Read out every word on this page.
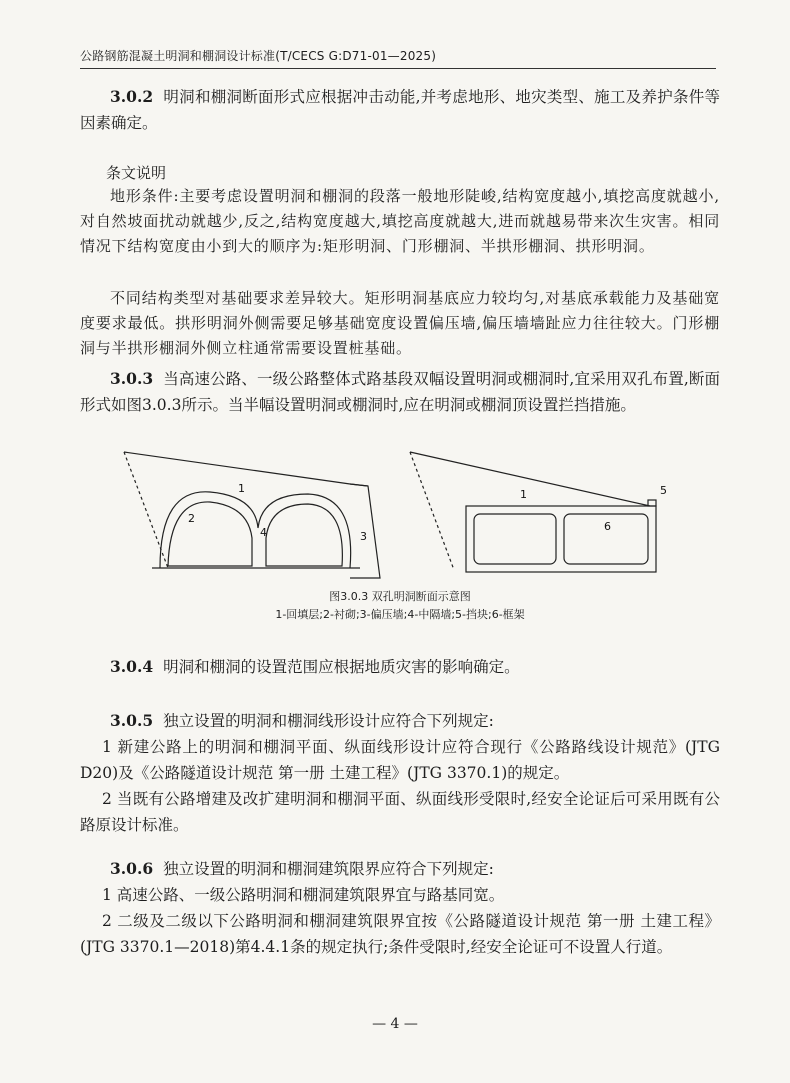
公路钢筋混凝土明洞和棚洞设计标准(T/CECS G:D71-01—2025)
3.0.2 明洞和棚洞断面形式应根据冲击动能,并考虑地形、地灾类型、施工及养护条件等因素确定。
条文说明
地形条件:主要考虑设置明洞和棚洞的段落一般地形陡峻,结构宽度越小,填挖高度就越小,对自然坡面扰动就越少,反之,结构宽度越大,填挖高度就越大,进而就越易带来次生灾害。相同情况下结构宽度由小到大的顺序为:矩形明洞、门形棚洞、半拱形棚洞、拱形明洞。
不同结构类型对基础要求差异较大。矩形明洞基底应力较均匀,对基底承载能力及基础宽度要求最低。拱形明洞外侧需要足够基础宽度设置偏压墙,偏压墙墙趾应力往往较大。门形棚洞与半拱形棚洞外侧立柱通常需要设置桩基础。
3.0.3 当高速公路、一级公路整体式路基段双幅设置明洞或棚洞时,宜采用双孔布置,断面形式如图3.0.3所示。当半幅设置明洞或棚洞时,应在明洞或棚洞顶设置拦挡措施。
1
2
3
4
1	5
6
图3.0.3 双孔明洞断面示意图
1-回填层;2-衬砌;3-偏压墙;4-中隔墙;5-挡块;6-框架
3.0.4 明洞和棚洞的设置范围应根据地质灾害的影响确定。
3.0.5 独立设置的明洞和棚洞线形设计应符合下列规定:
1 新建公路上的明洞和棚洞平面、纵面线形设计应符合现行《公路路线设计规范》(JTG D20)及《公路隧道设计规范 第一册 土建工程》(JTG 3370.1)的规定。
2 当既有公路增建及改扩建明洞和棚洞平面、纵面线形受限时,经安全论证后可采用既有公路原设计标准。
3.0.6 独立设置的明洞和棚洞建筑限界应符合下列规定:
1 高速公路、一级公路明洞和棚洞建筑限界宜与路基同宽。
2 二级及二级以下公路明洞和棚洞建筑限界宜按《公路隧道设计规范 第一册 土建工程》(JTG 3370.1—2018)第4.4.1条的规定执行;条件受限时,经安全论证可不设置人行道。
— 4 —
